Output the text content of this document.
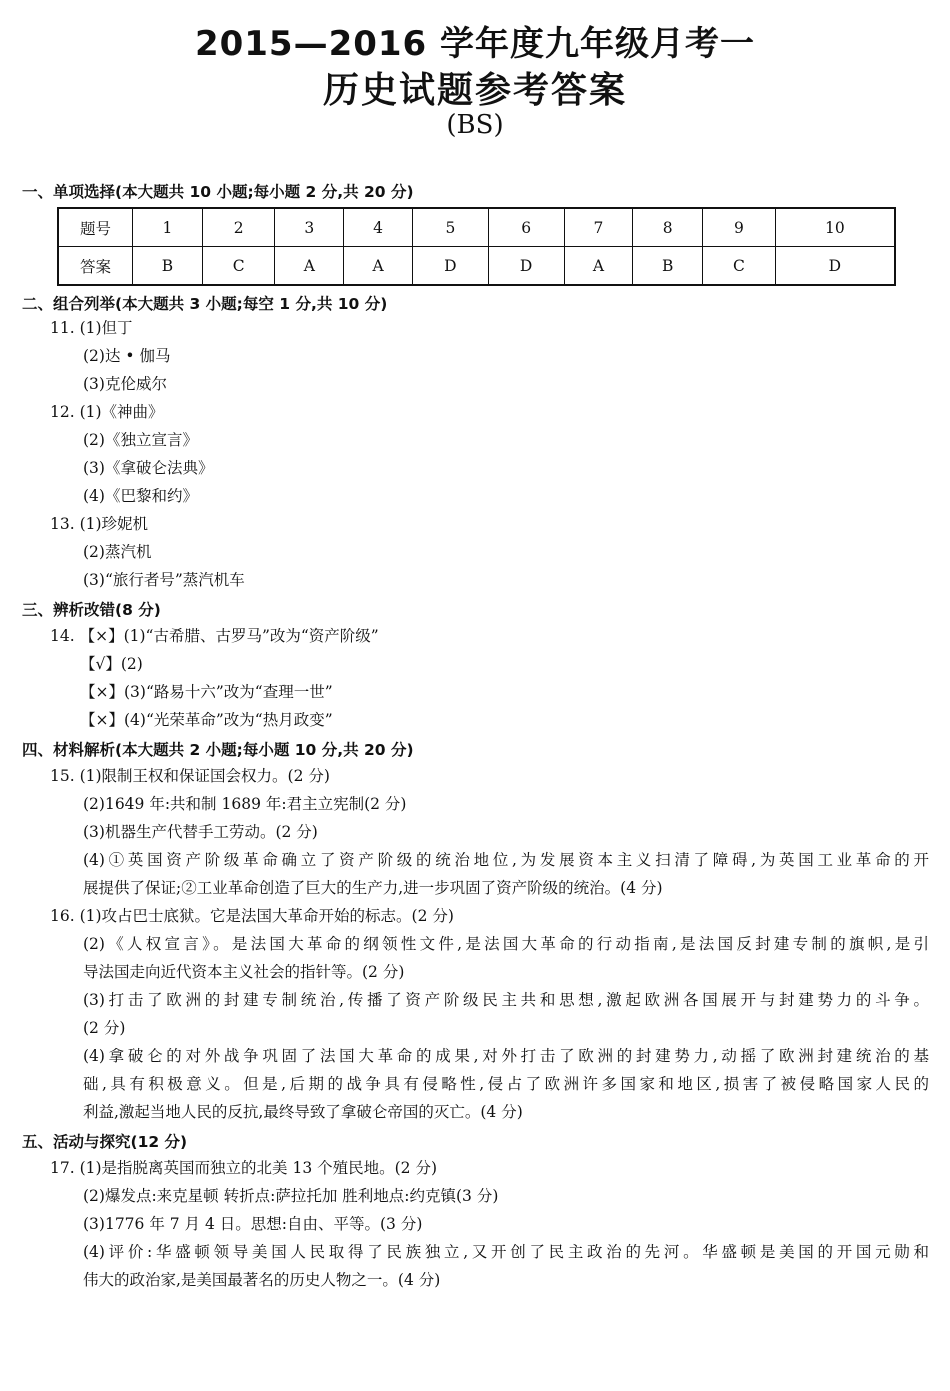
2015—2016 学年度九年级月考一
历史试题参考答案
(BS)
一、单项选择(本大题共 10 小题;每小题 2 分,共 20 分)
题号	1	2	3	4	5	6	7	8	9	10
答案	B	C	A	A	D	D	A	B	C	D
二、组合列举(本大题共 3 小题;每空 1 分,共 10 分)
11. (1)但丁
(2)达 • 伽马
(3)克伦威尔
12. (1)《神曲》
(2)《独立宣言》
(3)《拿破仑法典》
(4)《巴黎和约》
13. (1)珍妮机
(2)蒸汽机
(3)“旅行者号”蒸汽机车
三、辨析改错(8 分)
14. 【×】(1)“古希腊、古罗马”改为“资产阶级”
【√】(2)
【×】(3)“路易十六”改为“查理一世”
【×】(4)“光荣革命”改为“热月政变”
四、材料解析(本大题共 2 小题;每小题 10 分,共 20 分)
15. (1)限制王权和保证国会权力。(2 分)
(2)1649 年:共和制 1689 年:君主立宪制(2 分)
(3)机器生产代替手工劳动。(2 分)
(4)①英国资产阶级革命确立了资产阶级的统治地位,为发展资本主义扫清了障碍,为英国工业革命的开
展提供了保证;②工业革命创造了巨大的生产力,进一步巩固了资产阶级的统治。(4 分)
16. (1)攻占巴士底狱。它是法国大革命开始的标志。(2 分)
(2)《人权宣言》。是法国大革命的纲领性文件,是法国大革命的行动指南,是法国反封建专制的旗帜,是引
导法国走向近代资本主义社会的指针等。(2 分)
(3)打击了欧洲的封建专制统治,传播了资产阶级民主共和思想,激起欧洲各国展开与封建势力的斗争。
(2 分)
(4)拿破仑的对外战争巩固了法国大革命的成果,对外打击了欧洲的封建势力,动摇了欧洲封建统治的基
础,具有积极意义。但是,后期的战争具有侵略性,侵占了欧洲许多国家和地区,损害了被侵略国家人民的
利益,激起当地人民的反抗,最终导致了拿破仑帝国的灭亡。(4 分)
五、活动与探究(12 分)
17. (1)是指脱离英国而独立的北美 13 个殖民地。(2 分)
(2)爆发点:来克星顿 转折点:萨拉托加 胜利地点:约克镇(3 分)
(3)1776 年 7 月 4 日。思想:自由、平等。(3 分)
(4)评价:华盛顿领导美国人民取得了民族独立,又开创了民主政治的先河。华盛顿是美国的开国元勋和
伟大的政治家,是美国最著名的历史人物之一。(4 分)
